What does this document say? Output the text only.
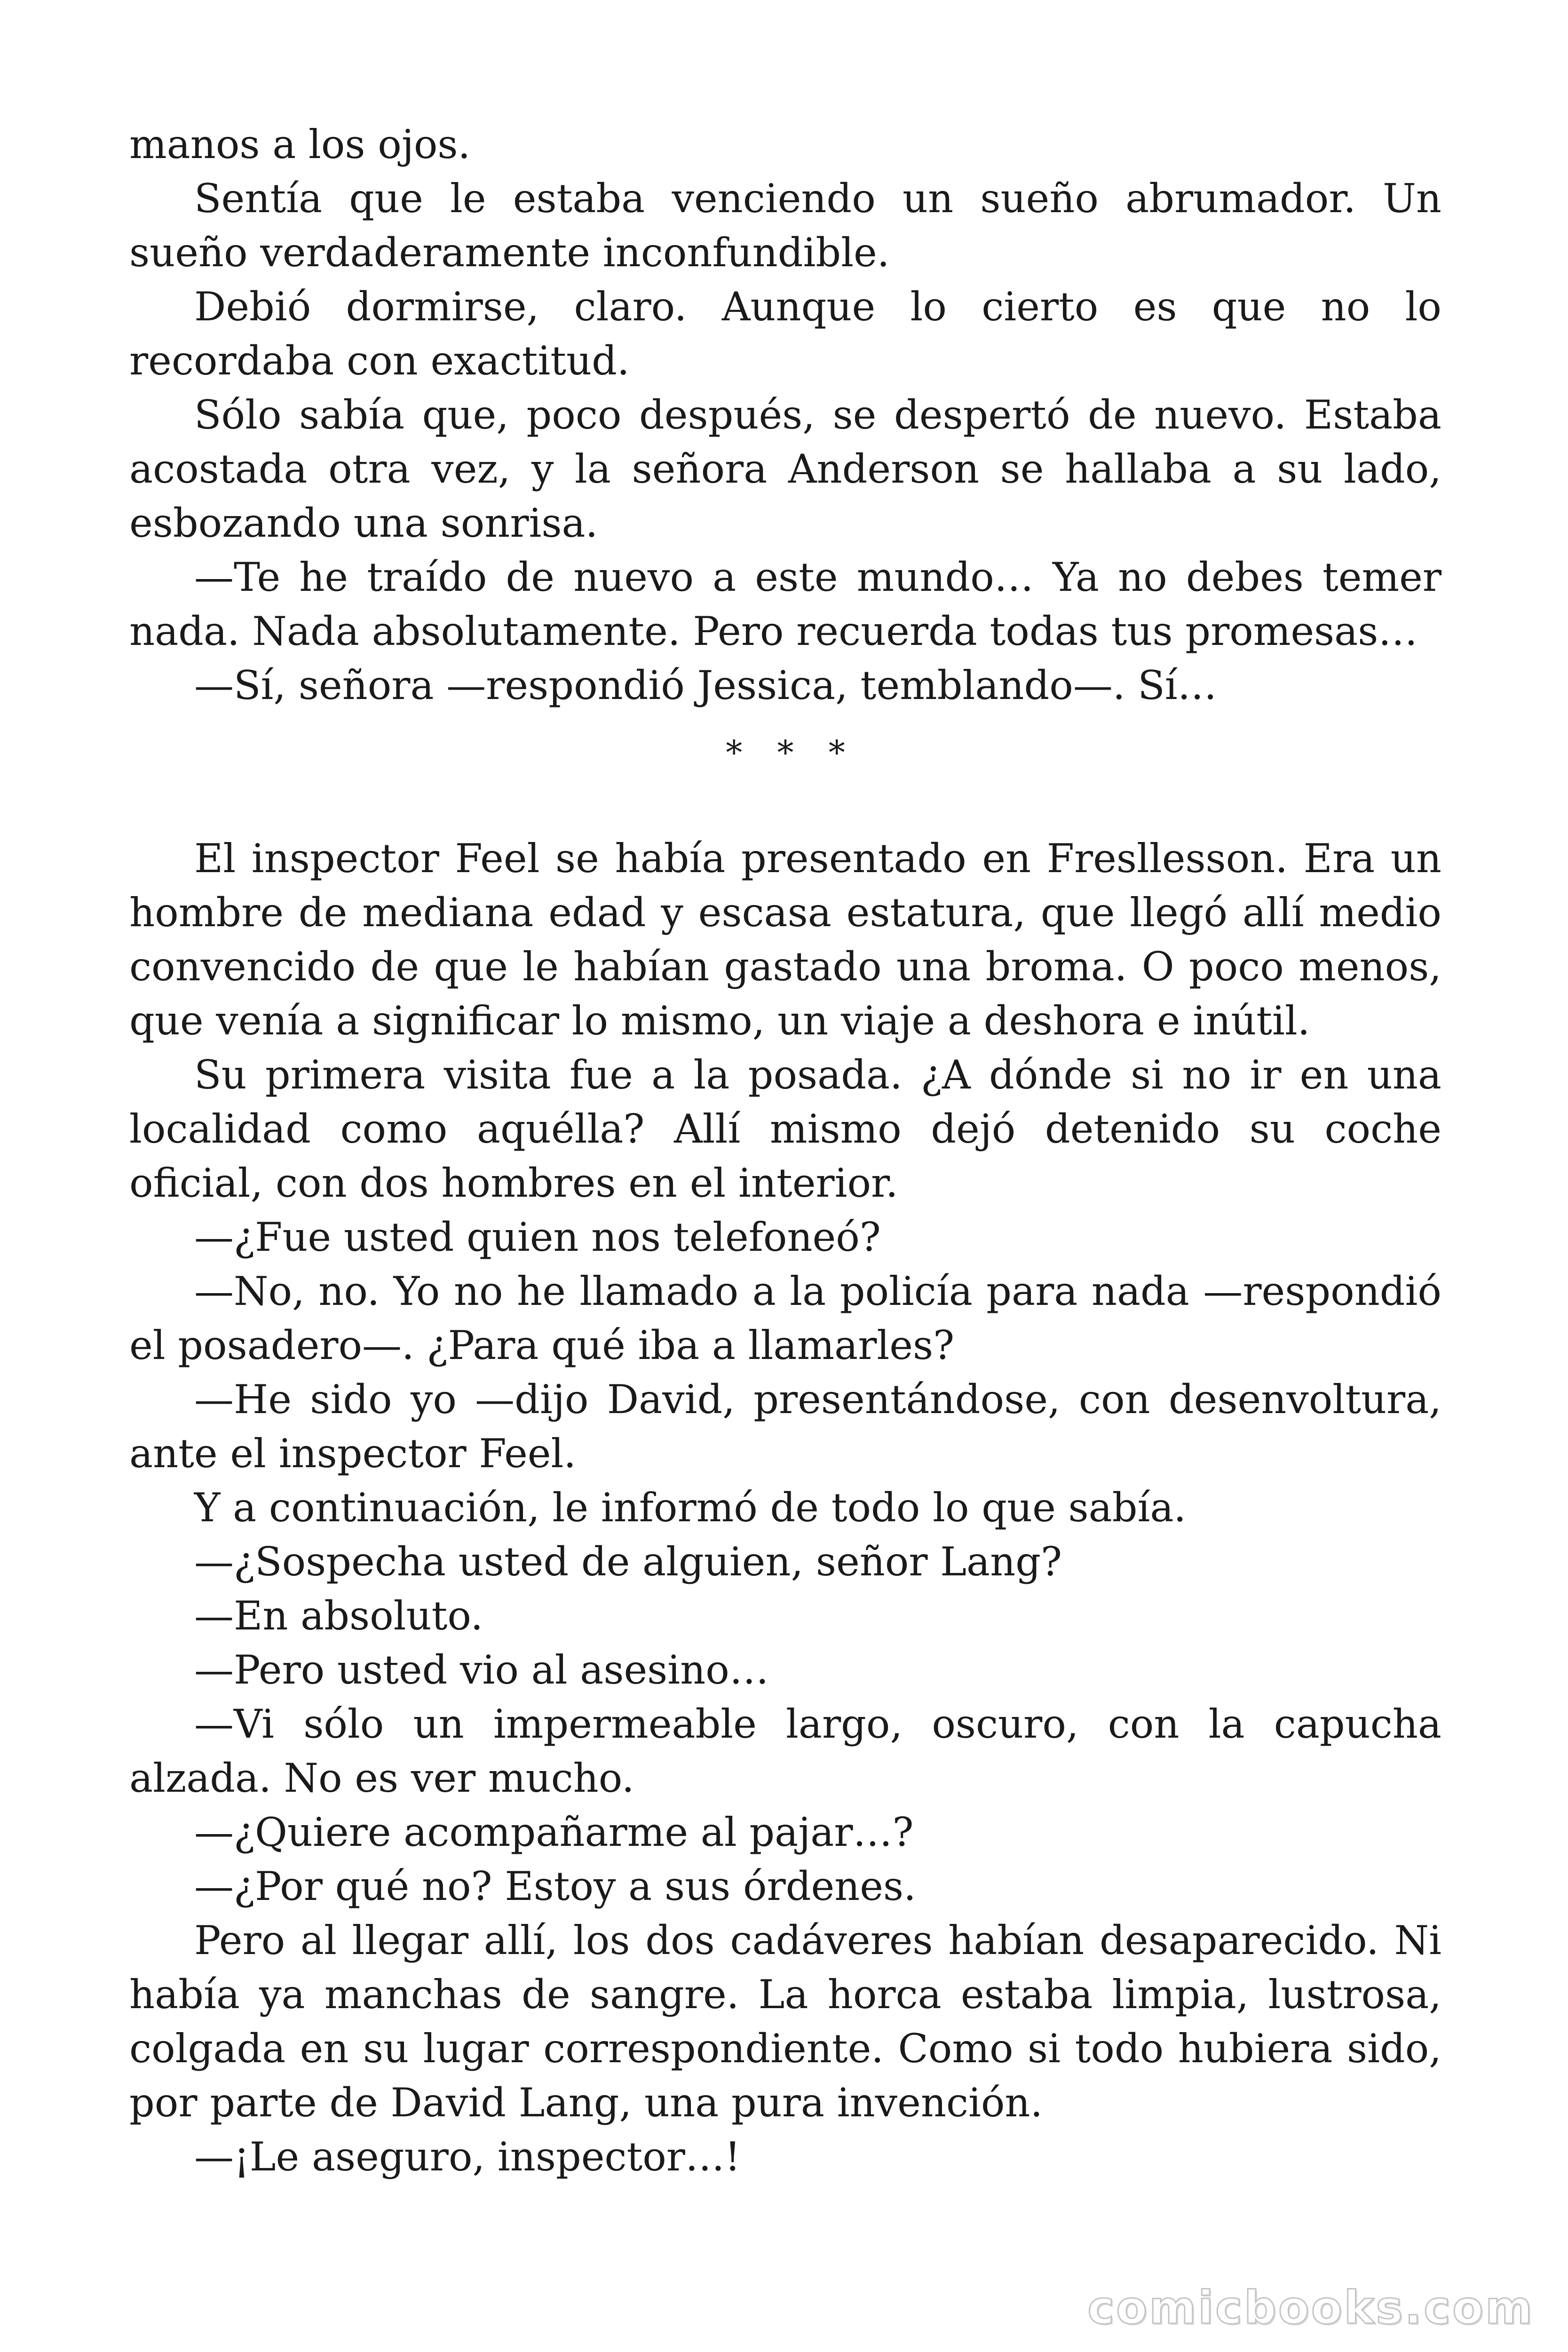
manos a los ojos.

Sentía que le estaba venciendo un sueño abrumador. Un sueño verdaderamente inconfundible.

Debió dormirse, claro. Aunque lo cierto es que no lo recordaba con exactitud.

Sólo sabía que, poco después, se despertó de nuevo. Estaba acostada otra vez, y la señora Anderson se hallaba a su lado, esbozando una sonrisa.

—Te he traído de nuevo a este mundo… Ya no debes temer nada. Nada absolutamente. Pero recuerda todas tus promesas…

—Sí, señora —respondió Jessica, temblando—. Sí…

* * *

El inspector Feel se había presentado en Fresllesson. Era un hombre de mediana edad y escasa estatura, que llegó allí medio convencido de que le habían gastado una broma. O poco menos, que venía a significar lo mismo, un viaje a deshora e inútil.

Su primera visita fue a la posada. ¿A dónde si no ir en una localidad como aquélla? Allí mismo dejó detenido su coche oficial, con dos hombres en el interior.

—¿Fue usted quien nos telefoneó?

—No, no. Yo no he llamado a la policía para nada —respondió el posadero—. ¿Para qué iba a llamarles?

—He sido yo —dijo David, presentándose, con desenvoltura, ante el inspector Feel.

Y a continuación, le informó de todo lo que sabía.

—¿Sospecha usted de alguien, señor Lang?

—En absoluto.

—Pero usted vio al asesino…

—Vi sólo un impermeable largo, oscuro, con la capucha alzada. No es ver mucho.

—¿Quiere acompañarme al pajar…?

—¿Por qué no? Estoy a sus órdenes.

Pero al llegar allí, los dos cadáveres habían desaparecido. Ni había ya manchas de sangre. La horca estaba limpia, lustrosa, colgada en su lugar correspondiente. Como si todo hubiera sido, por parte de David Lang, una pura invención.

—¡Le aseguro, inspector…!

comicbooks.com
